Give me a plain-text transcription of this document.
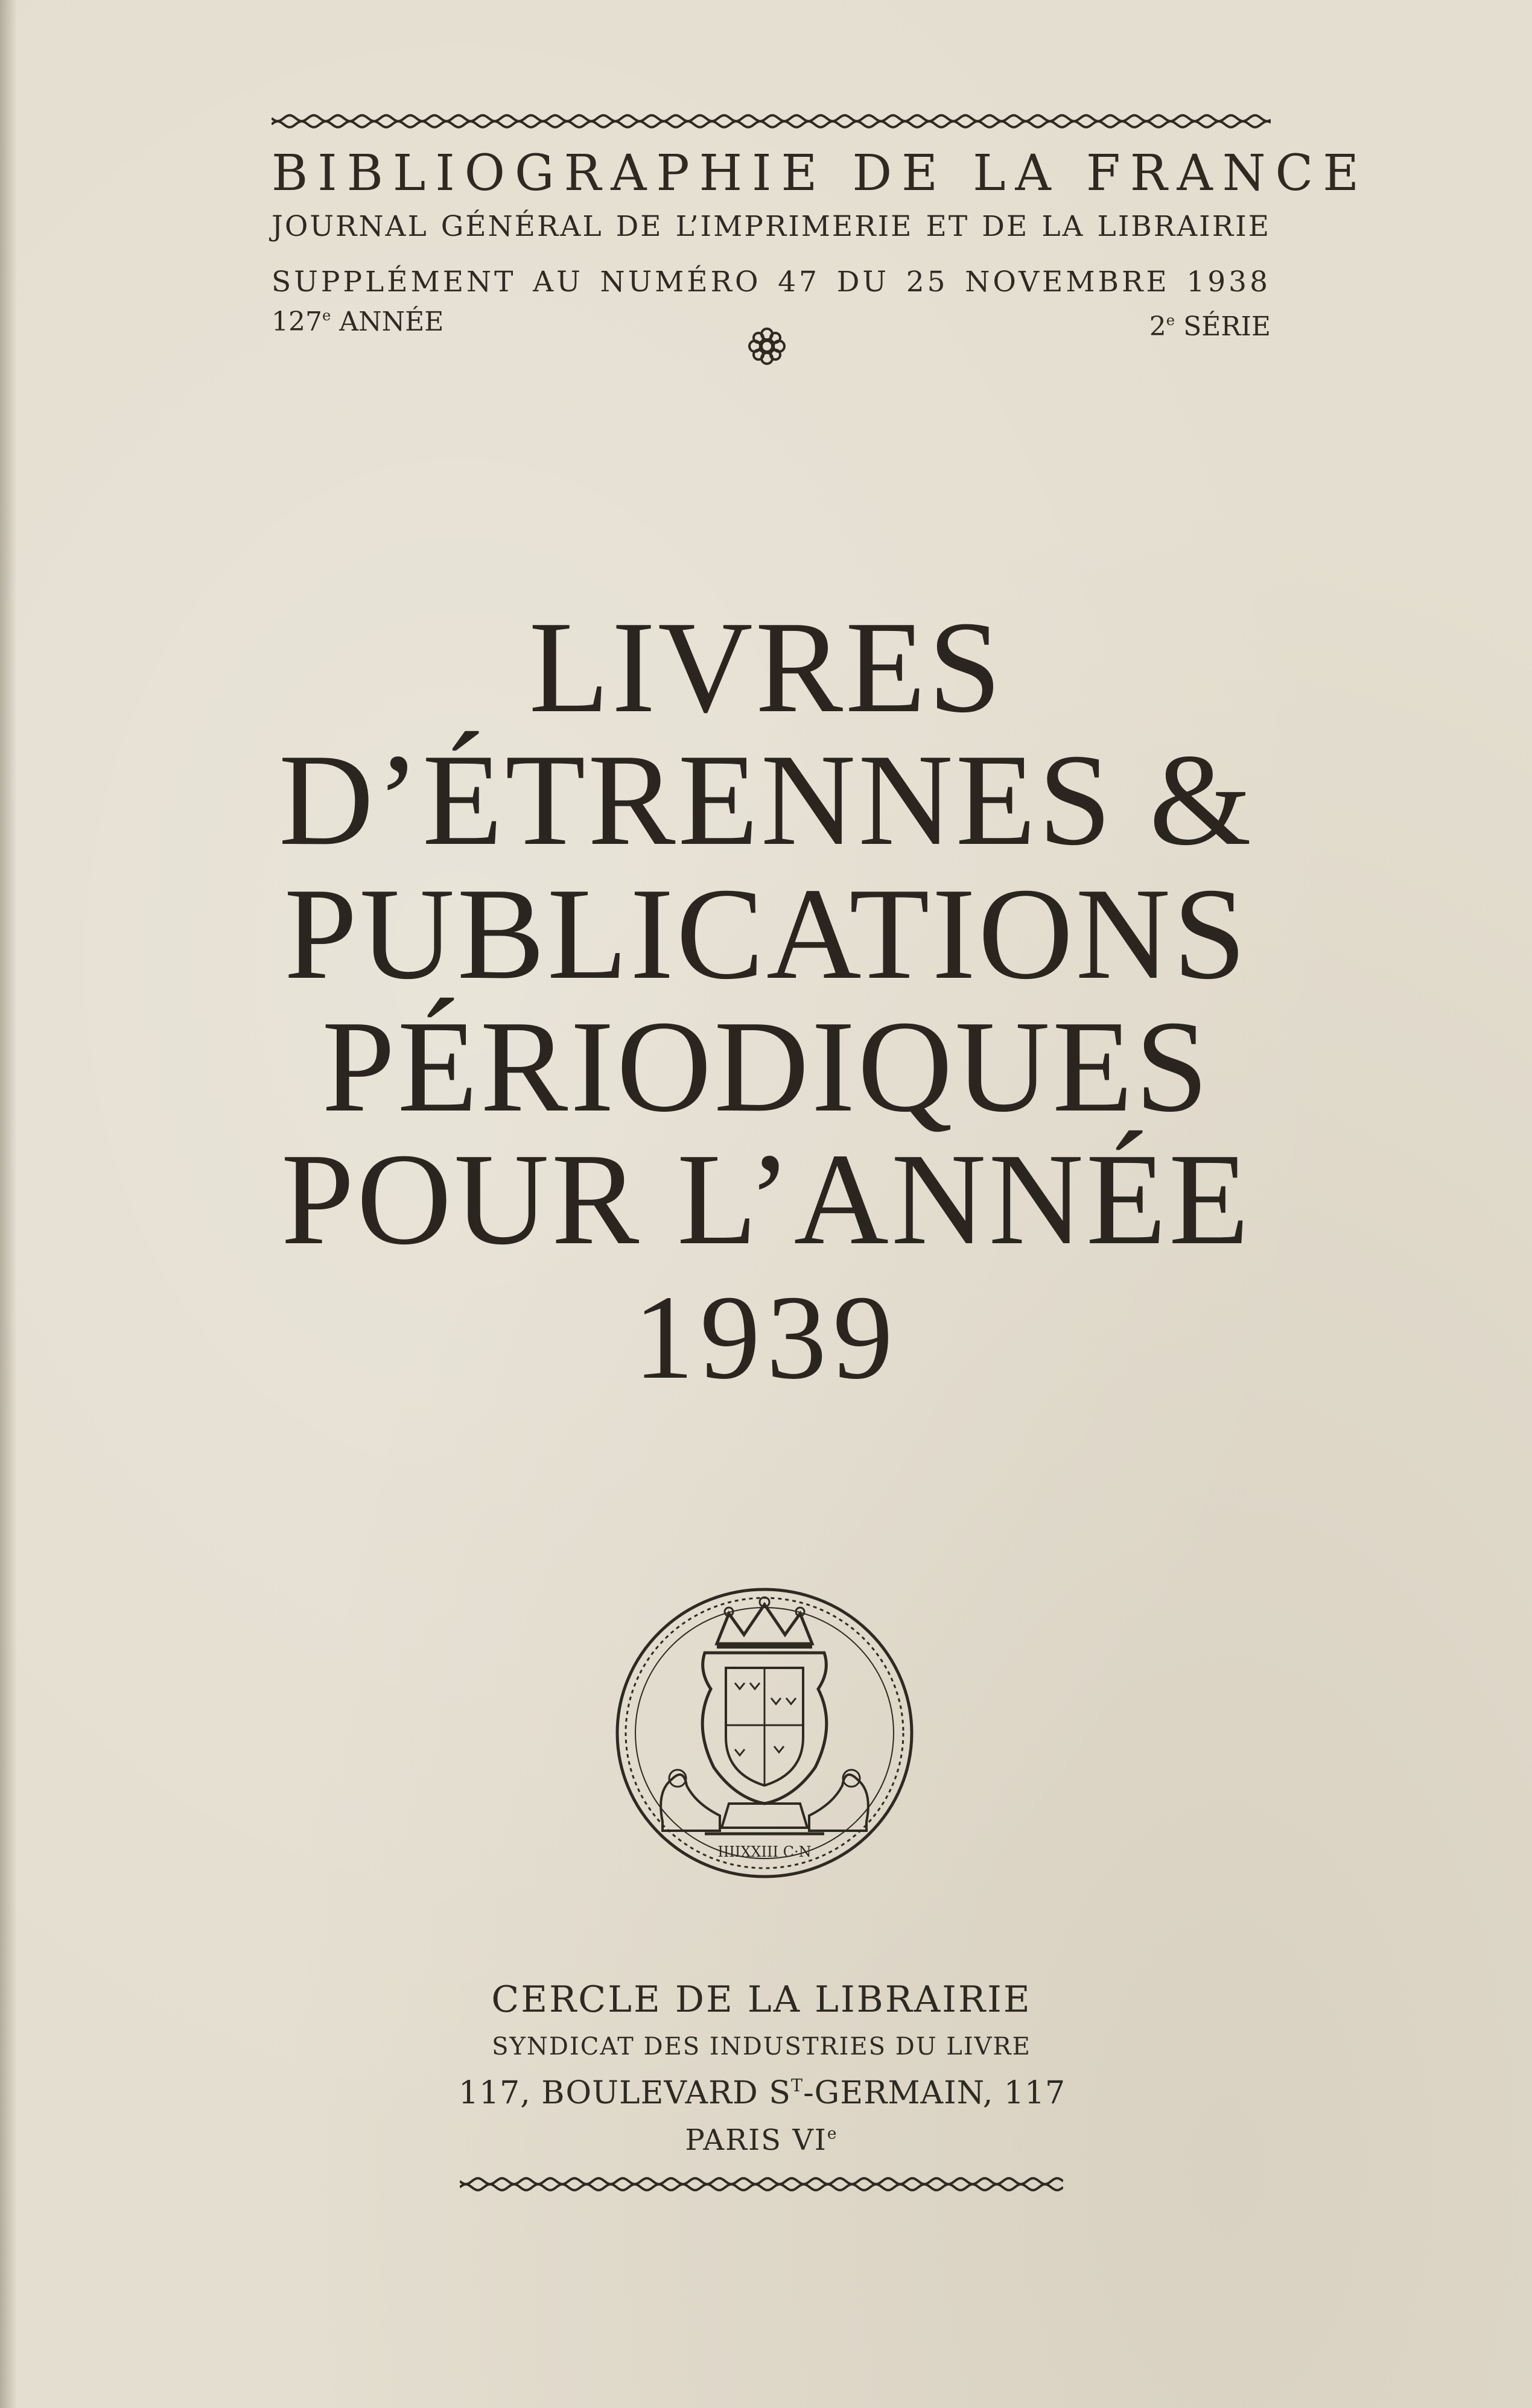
BIBLIOGRAPHIE DE LA FRANCE
JOURNAL GÉNÉRAL DE L’IMPRIMERIE ET DE LA LIBRAIRIE
SUPPLÉMENT AU NUMÉRO 47 DU 25 NOVEMBRE 1938
127e ANNÉE	2e SÉRIE
LIVRES
D’ÉTRENNES &
PUBLICATIONS
PÉRIODIQUES
POUR L’ANNÉE
1939
IIIIXXIII C·N
CERCLE DE LA LIBRAIRIE
SYNDICAT DES INDUSTRIES DU LIVRE
117, BOULEVARD $S^T$-GERMAIN, 117
PARIS VIe
